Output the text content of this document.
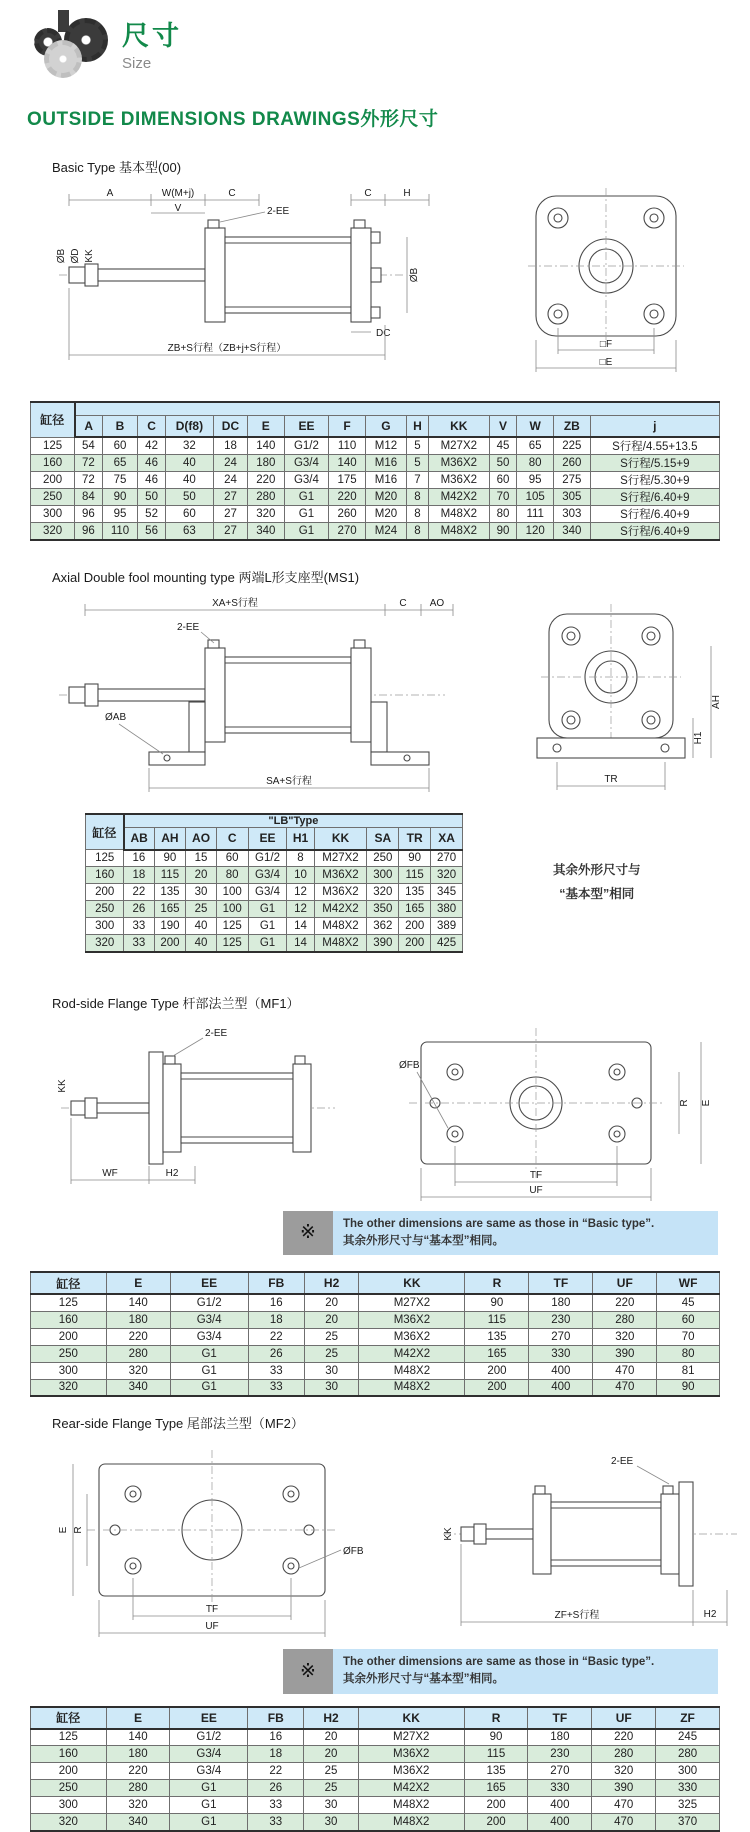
尺寸
Size
OUTSIDE DIMENSIONS DRAWINGS外形尺寸
Basic Type 基本型(00)
A	W(M+j)	C
V	2-EE
C	H
ØB ØD KK
ØB
DC
ZB+S行程（ZB+j+S行程）	□F
□E
缸径															
	A	B	C	D(f8)	DC	E	EE	F	G	H	KK	V	W	ZB	j
125	54	60	42	32	18	140	G1/2	110	M12	5	M27X2	45	65	225	S行程/4.55+13.5
160	72	65	46	40	24	180	G3/4	140	M16	5	M36X2	50	80	260	S行程/5.15+9
200	72	75	46	40	24	220	G3/4	175	M16	7	M36X2	60	95	275	S行程/5.30+9
250	84	90	50	50	27	280	G1	220	M20	8	M42X2	70	105	305	S行程/6.40+9
300	96	95	52	60	27	320	G1	260	M20	8	M48X2	80	111	303	S行程/6.40+9
320	96	110	56	63	27	340	G1	270	M24	8	M48X2	90	120	340	S行程/6.40+9
Axial Double fool mounting type 两端L形支座型(MS1)
XA+S行程	C AO
2-EE
ØAB
SA+S行程	TR
H1
AH
缸径	"LB"Type									
	AB	AH	AO	C	EE	H1	KK	SA	TR	XA
125	16	90	15	60	G1/2	8	M27X2	250	90	270
160	18	115	20	80	G3/4	10	M36X2	300	115	320
200	22	135	30	100	G3/4	12	M36X2	320	135	345
250	26	165	25	100	G1	12	M42X2	350	165	380
300	33	190	40	125	G1	14	M48X2	362	200	389
320	33	200	40	125	G1	14	M48X2	390	200	425
其余外形尺寸与
“基本型”相同
Rod-side Flange Type 杆部法兰型（MF1）
2-EE
KK
WF	H2
ØFB
R E
TF
UF
※	The other dimensions are same as those in “Basic type”.
其余外形尺寸与“基本型”相同。
缸径	E	EE	FB	H2	KK	R	TF	UF	WF
125	140	G1/2	16	20	M27X2	90	180	220	45
160	180	G3/4	18	20	M36X2	115	230	280	60
200	220	G3/4	22	25	M36X2	135	270	320	70
250	280	G1	26	25	M42X2	165	330	390	80
300	320	G1	33	30	M48X2	200	400	470	81
320	340	G1	33	30	M48X2	200	400	470	90
Rear-side Flange Type 尾部法兰型（MF2）
E R
ØFB
TF
UF
2-EE
KK
ZF+S行程	H2
※	The other dimensions are same as those in “Basic type”.
其余外形尺寸与“基本型”相同。
缸径	E	EE	FB	H2	KK	R	TF	UF	ZF
125	140	G1/2	16	20	M27X2	90	180	220	245
160	180	G3/4	18	20	M36X2	115	230	280	280
200	220	G3/4	22	25	M36X2	135	270	320	300
250	280	G1	26	25	M42X2	165	330	390	330
300	320	G1	33	30	M48X2	200	400	470	325
320	340	G1	33	30	M48X2	200	400	470	370
